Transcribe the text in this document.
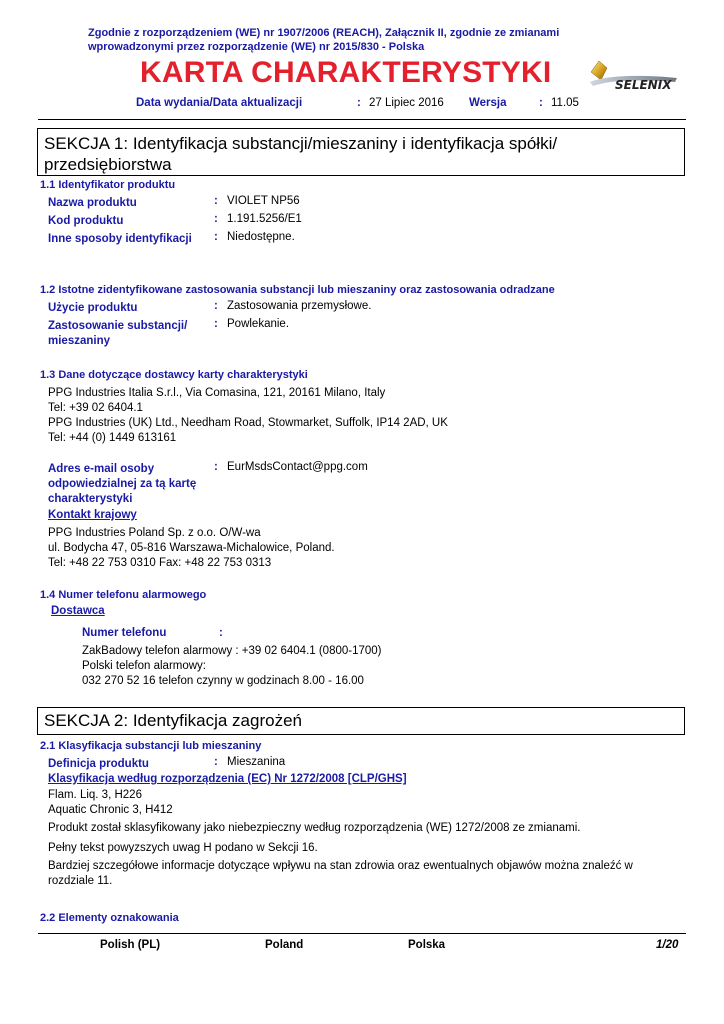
Zgodnie z rozporządzeniem (WE) nr 1907/2006 (REACH), Załącznik II, zgodnie ze zmianami
wprowadzonymi przez rozporządzenie (WE) nr 2015/830 - Polska
KARTA CHARAKTERYSTYKI	SELENIX
Data wydania/Data aktualizacji	: 27 Lipiec 2016 Wersja	: 11.05
SEKCJA 1: Identyfikacja substancji/mieszaniny i identyfikacja spółki/
przedsiębiorstwa
1.1 Identyfikator produktu
Nazwa produktu	: VIOLET NP56
Kod produktu	: 1.191.5256/E1
Inne sposoby identyfikacji : Niedostępne.
1.2 Istotne zidentyfikowane zastosowania substancji lub mieszaniny oraz zastosowania odradzane
Użycie produktu	: Zastosowania przemysłowe.
Zastosowanie substancji/
mieszaniny
: Powlekanie.
1.3 Dane dotyczące dostawcy karty charakterystyki
PPG Industries Italia S.r.l., Via Comasina, 121, 20161 Milano, Italy
Tel: +39 02 6404.1
PPG Industries (UK) Ltd., Needham Road, Stowmarket, Suffolk, IP14 2AD, UK
Tel: +44 (0) 1449 613161
Adres e-mail osoby
odpowiedzialnej za tą kartę
charakterystyki
: EurMsdsContact@ppg.com
Kontakt krajowy
PPG Industries Poland Sp. z o.o. O/W-wa
ul. Bodycha 47, 05-816 Warszawa-Michalowice, Poland.
Tel: +48 22 753 0310 Fax: +48 22 753 0313
1.4 Numer telefonu alarmowego
Dostawca
Numer telefonu	:
ZakBadowy telefon alarmowy : +39 02 6404.1 (0800-1700)
Polski telefon alarmowy:
032 270 52 16 telefon czynny w godzinach 8.00 - 16.00
SEKCJA 2: Identyfikacja zagrożeń
2.1 Klasyfikacja substancji lub mieszaniny
Definicja produktu	: Mieszanina
Klasyfikacja według rozporządzenia (EC) Nr 1272/2008 [CLP/GHS]
Flam. Liq. 3, H226
Aquatic Chronic 3, H412
Produkt został sklasyfikowany jako niebezpieczny według rozporządzenia (WE) 1272/2008 ze zmianami.
Pełny tekst powyzszych uwag H podano w Sekcji 16.
Bardziej szczegółowe informacje dotyczące wpływu na stan zdrowia oraz ewentualnych objawów można znaleźć w
rozdziale 11.
2.2 Elementy oznakowania
Polish (PL)	Poland	Polska	1/20
